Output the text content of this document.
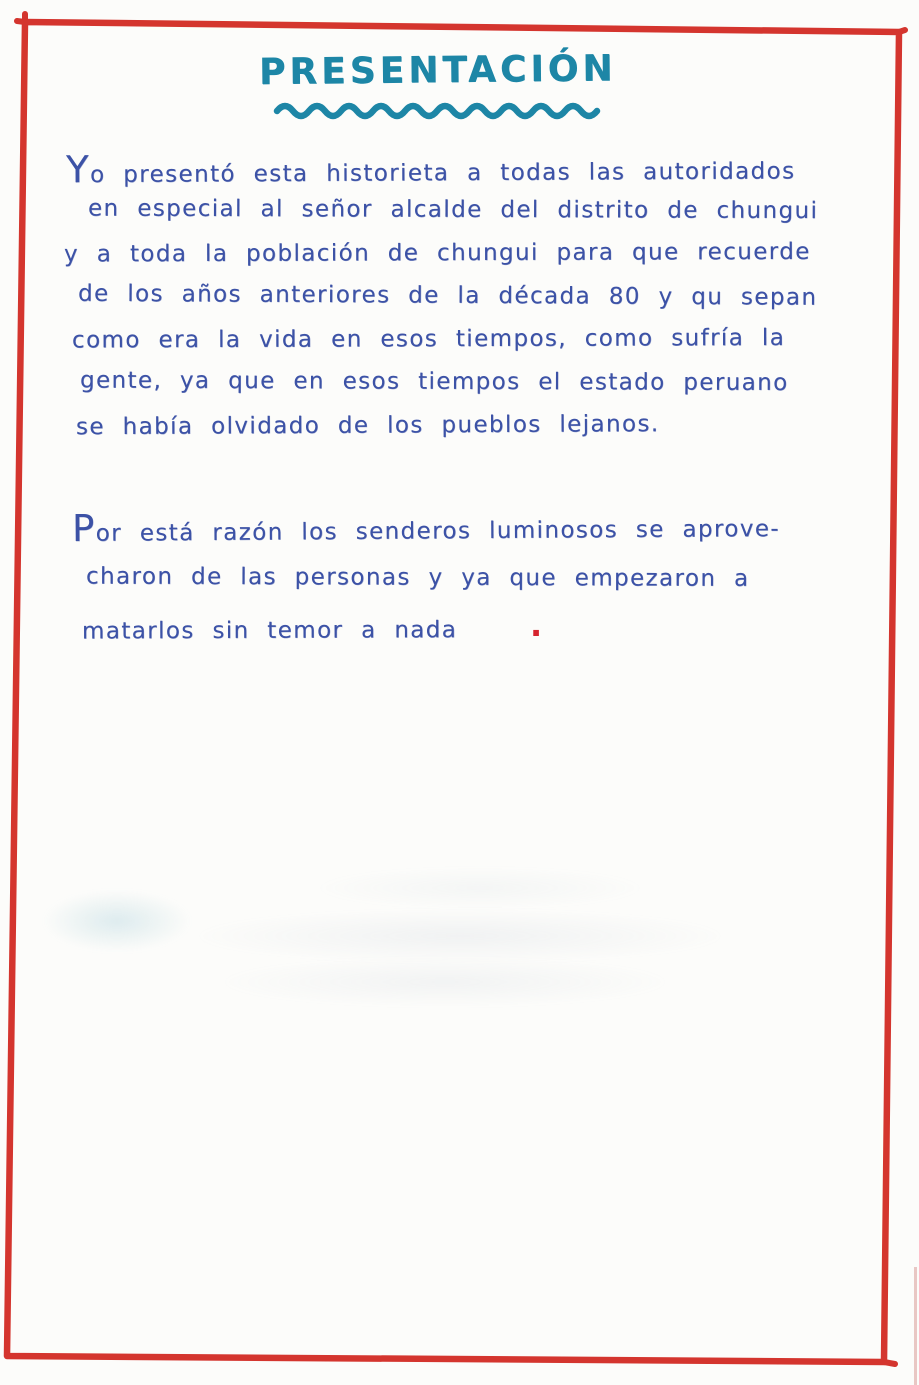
PRESENTACIÓN
Yo presentó esta historieta a todas las autoridados
en especial al señor alcalde del distrito de chungui
y a toda la población de chungui para que recuerde
de los años anteriores de la década 80 y qu sepan
como era la vida en esos tiempos, como sufría la
gente, ya que en esos tiempos el estado peruano
se había olvidado de los pueblos lejanos.
Por está razón los senderos luminosos se aprove-
charon de las personas y ya que empezaron a
matarlos sin temor a nada	.
